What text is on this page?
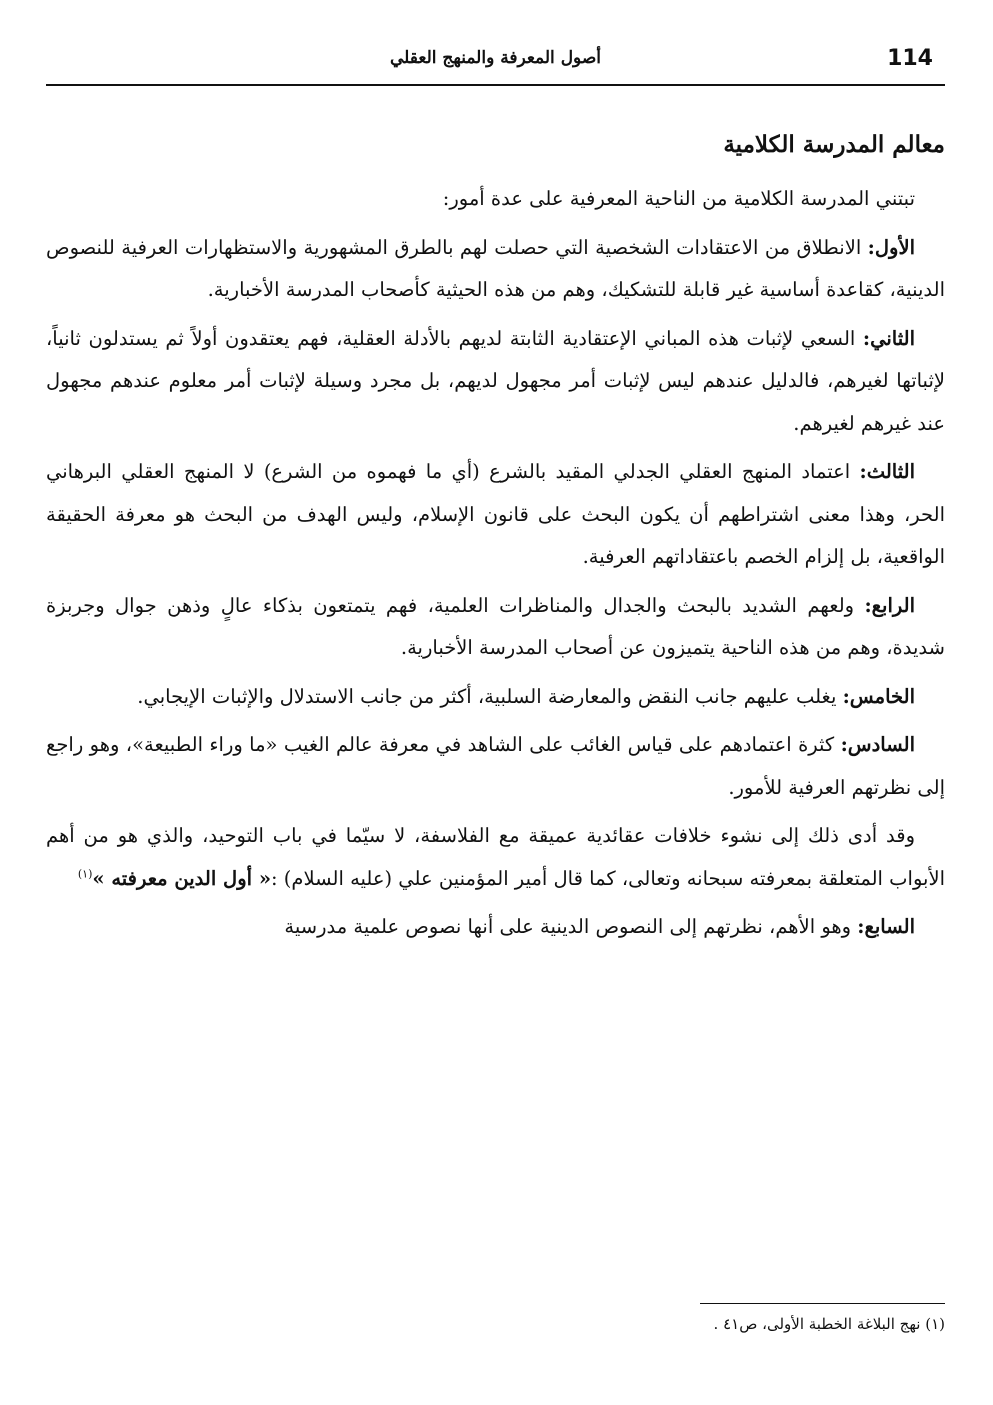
114
أصول المعرفة والمنهج العقلي
معالم المدرسة الكلامية

تبتني المدرسة الكلامية من الناحية المعرفية على عدة أمور:

الأول: الانطلاق من الاعتقادات الشخصية التي حصلت لهم بالطرق المشهورية والاستظهارات العرفية للنصوص الدينية، كقاعدة أساسية غير قابلة للتشكيك، وهم من هذه الحيثية كأصحاب المدرسة الأخبارية.

الثاني: السعي لإثبات هذه المباني الإعتقادية الثابتة لديهم بالأدلة العقلية، فهم يعتقدون أولاً ثم يستدلون ثانياً، لإثباتها لغيرهم، فالدليل عندهم ليس لإثبات أمر مجهول لديهم، بل مجرد وسيلة لإثبات أمر معلوم عندهم مجهول عند غيرهم لغيرهم.

الثالث: اعتماد المنهج العقلي الجدلي المقيد بالشرع (أي ما فهموه من الشرع) لا المنهج العقلي البرهاني الحر، وهذا معنى اشتراطهم أن يكون البحث على قانون الإسلام، وليس الهدف من البحث هو معرفة الحقيقة الواقعية، بل إلزام الخصم باعتقاداتهم العرفية.

الرابع: ولعهم الشديد بالبحث والجدال والمناظرات العلمية، فهم يتمتعون بذكاء عالٍ وذهن جوال وجربزة شديدة، وهم من هذه الناحية يتميزون عن أصحاب المدرسة الأخبارية.

الخامس: يغلب عليهم جانب النقض والمعارضة السلبية، أكثر من جانب الاستدلال والإثبات الإيجابي.

السادس: كثرة اعتمادهم على قياس الغائب على الشاهد في معرفة عالم الغيب «ما وراء الطبيعة»، وهو راجع إلى نظرتهم العرفية للأمور.

وقد أدى ذلك إلى نشوء خلافات عقائدية عميقة مع الفلاسفة، لا سيّما في باب التوحيد، والذي هو من أهم الأبواب المتعلقة بمعرفته سبحانه وتعالى، كما قال أمير المؤمنين علي (عليه السلام) :« أول الدين معرفته »$^{(١)}$

السابع: وهو الأهم، نظرتهم إلى النصوص الدينية على أنها نصوص علمية مدرسية

(١) نهج البلاغة الخطبة الأولى، ص٤١ .
